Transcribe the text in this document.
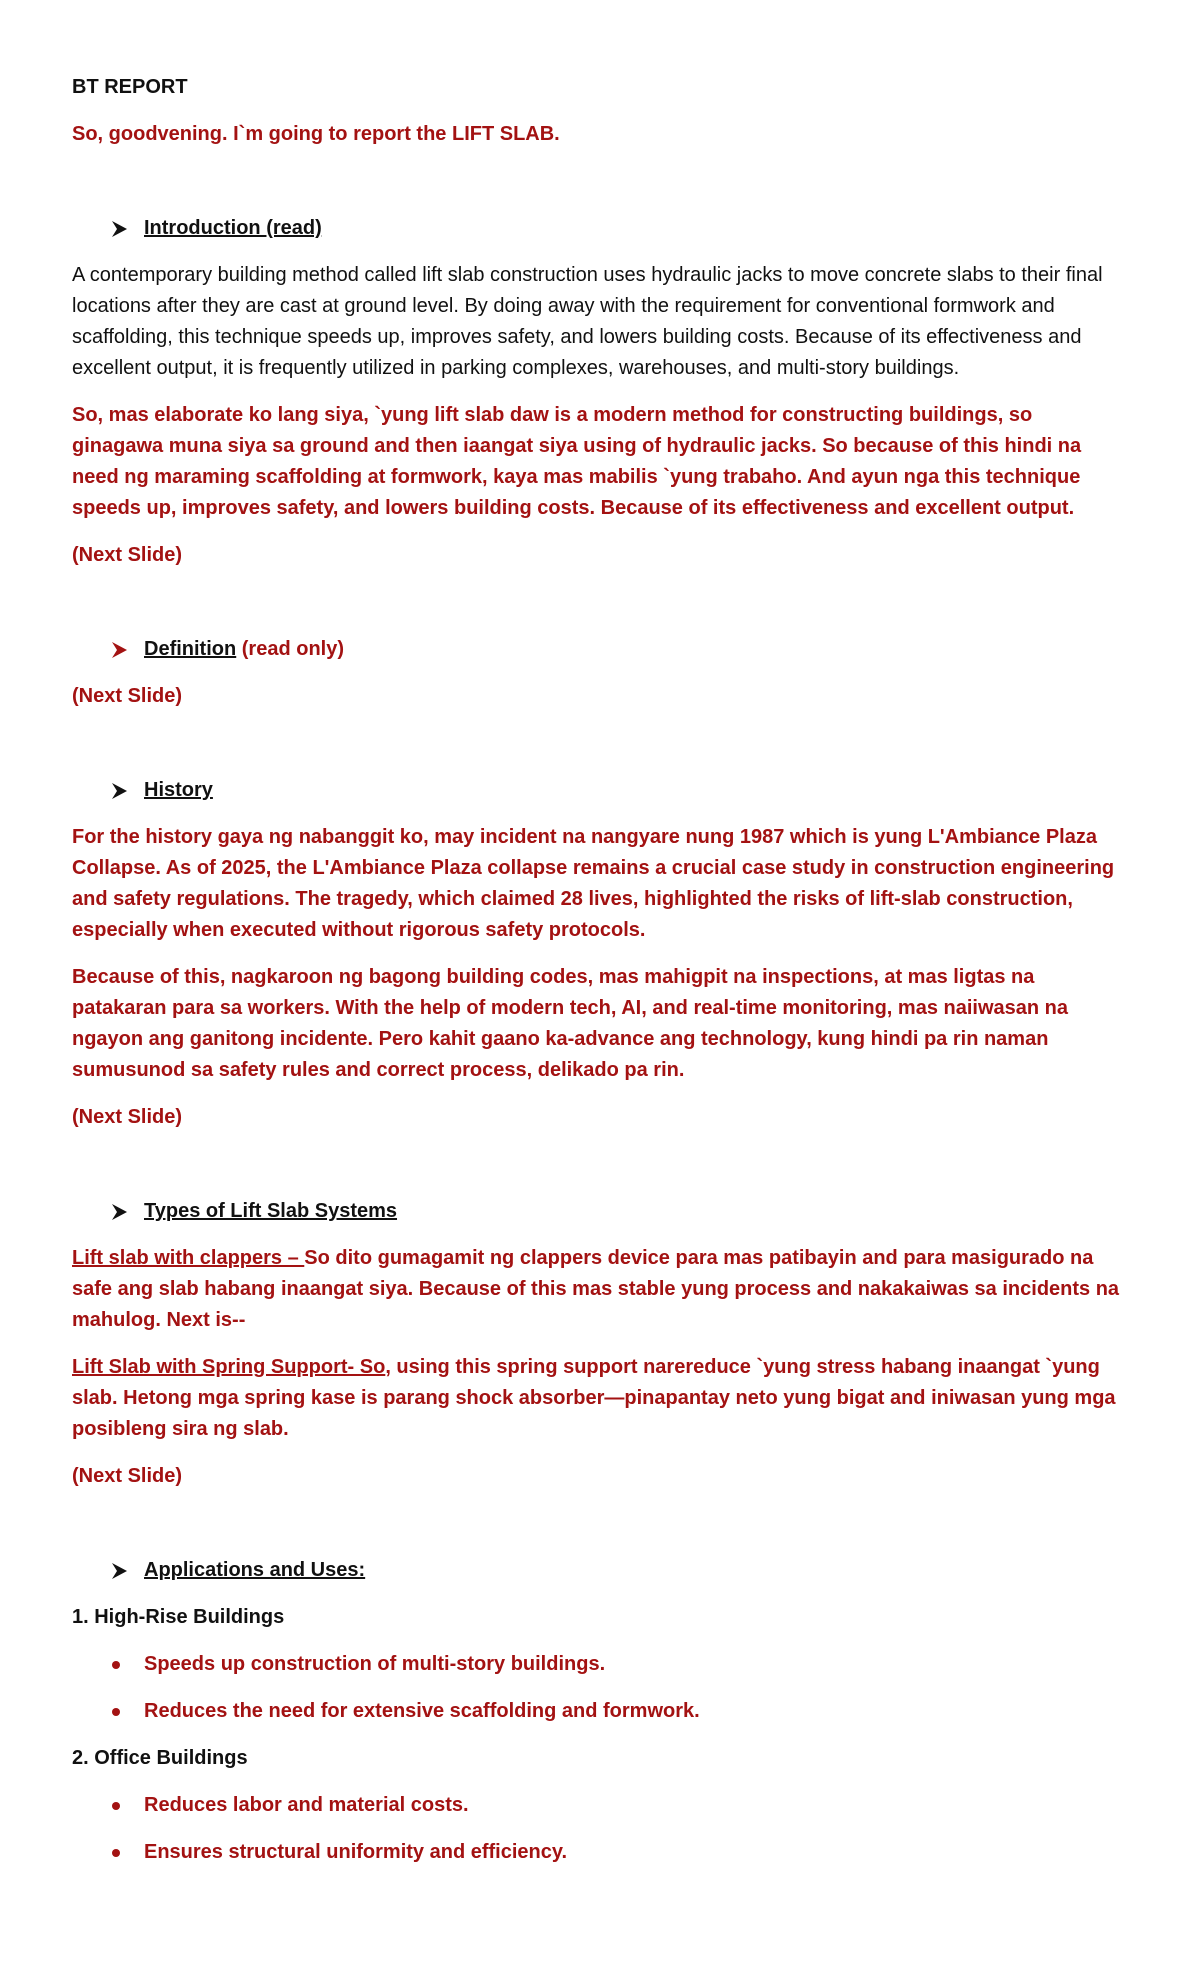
BT REPORT

So, goodvening. I`m going to report the LIFT SLAB.

Introduction (read)

A contemporary building method called lift slab construction uses hydraulic jacks to move concrete slabs to their final locations after they are cast at ground level. By doing away with the requirement for conventional formwork and scaffolding, this technique speeds up, improves safety, and lowers building costs. Because of its effectiveness and excellent output, it is frequently utilized in parking complexes, warehouses, and multi-story buildings.

So, mas elaborate ko lang siya, `yung lift slab daw is a modern method for constructing buildings, so ginagawa muna siya sa ground and then iaangat siya using of hydraulic jacks. So because of this hindi na need ng maraming scaffolding at formwork, kaya mas mabilis `yung trabaho. And ayun nga this technique speeds up, improves safety, and lowers building costs. Because of its effectiveness and excellent output.

(Next Slide)

Definition (read only)

(Next Slide)

History

For the history gaya ng nabanggit ko, may incident na nangyare nung 1987 which is yung L'Ambiance Plaza Collapse. As of 2025, the L'Ambiance Plaza collapse remains a crucial case study in construction engineering and safety regulations. The tragedy, which claimed 28 lives, highlighted the risks of lift-slab construction, especially when executed without rigorous safety protocols.

Because of this, nagkaroon ng bagong building codes, mas mahigpit na inspections, at mas ligtas na patakaran para sa workers. With the help of modern tech, AI, and real-time monitoring, mas naiiwasan na ngayon ang ganitong incidente. Pero kahit gaano ka-advance ang technology, kung hindi pa rin naman sumusunod sa safety rules and correct process, delikado pa rin.

(Next Slide)

Types of Lift Slab Systems

Lift slab with clappers – So dito gumagamit ng clappers device para mas patibayin and para masigurado na safe ang slab habang inaangat siya. Because of this mas stable yung process and nakakaiwas sa incidents na mahulog. Next is--

Lift Slab with Spring Support- So, using this spring support narereduce `yung stress habang inaangat `yung slab. Hetong mga spring kase is parang shock absorber—pinapantay neto yung bigat and iniwasan yung mga posibleng sira ng slab.

(Next Slide)

Applications and Uses:

1. High-Rise Buildings

Speeds up construction of multi-story buildings.
Reduces the need for extensive scaffolding and formwork.

2. Office Buildings

Reduces labor and material costs.
Ensures structural uniformity and efficiency.
